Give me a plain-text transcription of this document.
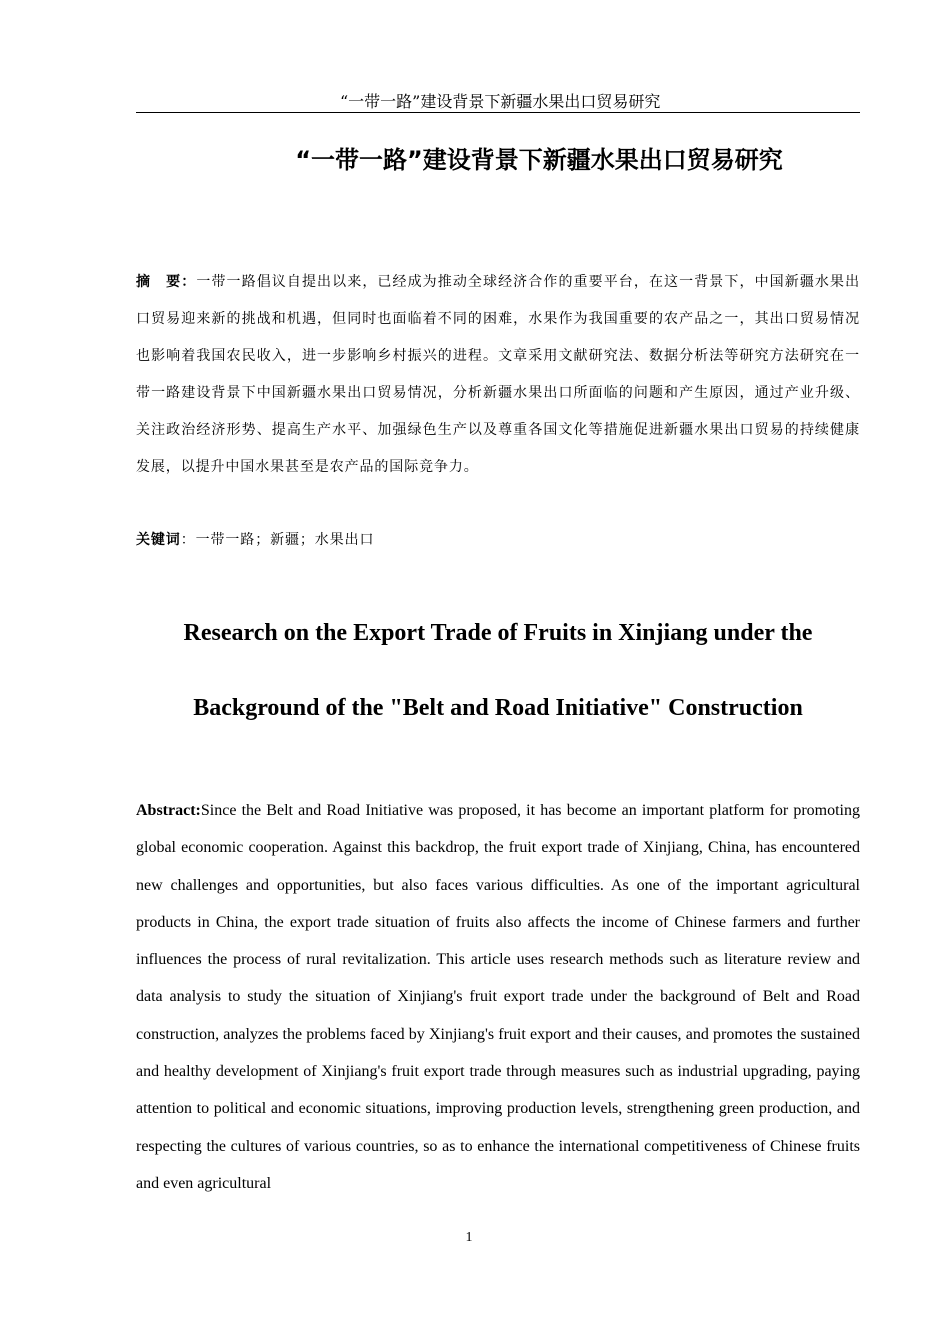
“一带一路”建设背景下新疆水果出口贸易研究
“一带一路”建设背景下新疆水果出口贸易研究
摘　要：一带一路倡议自提出以来，已经成为推动全球经济合作的重要平台，在这一背景下，中国新疆水果出口贸易迎来新的挑战和机遇，但同时也面临着不同的困难，水果作为我国重要的农产品之一，其出口贸易情况也影响着我国农民收入，进一步影响乡村振兴的进程。文章采用文献研究法、数据分析法等研究方法研究在一带一路建设背景下中国新疆水果出口贸易情况，分析新疆水果出口所面临的问题和产生原因，通过产业升级、关注政治经济形势、提高生产水平、加强绿色生产以及尊重各国文化等措施促进新疆水果出口贸易的持续健康发展，以提升中国水果甚至是农产品的国际竞争力。
关键词：一带一路；新疆；水果出口
Research on the Export Trade of Fruits in Xinjiang under the
Background of the "Belt and Road Initiative" Construction
Abstract:Since the Belt and Road Initiative was proposed, it has become an important platform for promoting global economic cooperation. Against this backdrop, the fruit export trade of Xinjiang, China, has encountered new challenges and opportunities, but also faces various difficulties. As one of the important agricultural products in China, the export trade situation of fruits also affects the income of Chinese farmers and further influences the process of rural revitalization. This article uses research methods such as literature review and data analysis to study the situation of Xinjiang's fruit export trade under the background of Belt and Road construction, analyzes the problems faced by Xinjiang's fruit export and their causes, and promotes the sustained and healthy development of Xinjiang's fruit export trade through measures such as industrial upgrading, paying attention to political and economic situations, improving production levels, strengthening green production, and respecting the cultures of various countries, so as to enhance the international competitiveness of Chinese fruits and even agricultural
1
